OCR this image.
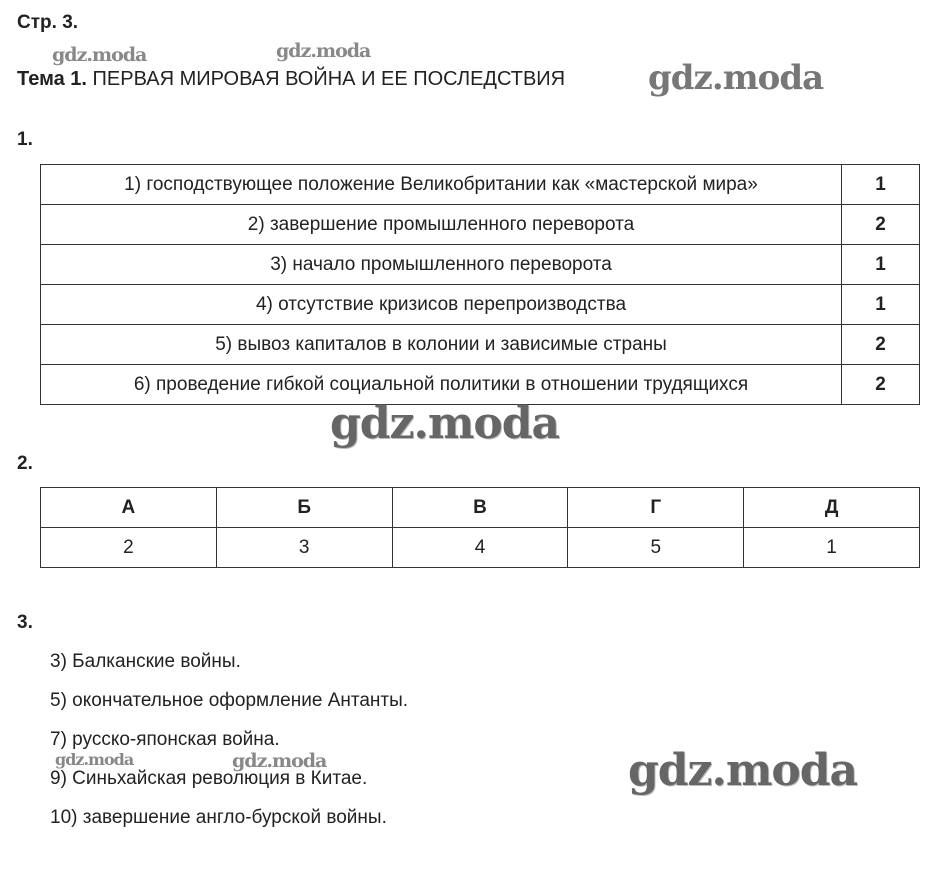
Стр. 3.
Тема 1. ПЕРВАЯ МИРОВАЯ ВОЙНА И ЕЕ ПОСЛЕДСТВИЯ
1.
1) господствующее положение Великобритании как «мастерской мира»	1
2) завершение промышленного переворота	2
3) начало промышленного переворота	1
4) отсутствие кризисов перепроизводства	1
5) вывоз капиталов в колонии и зависимые страны	2
6) проведение гибкой социальной политики в отношении трудящихся	2
2.
А	Б	В	Г	Д
2	3	4	5	1
3.
3) Балканские войны.
5) окончательное оформление Антанты.
7) русско-японская война.
9) Синьхайская революция в Китае.
10) завершение англо-бурской войны.
gdz.moda	gdz.moda
gdz.moda
gdz.moda
gdz.moda	gdz.moda	gdz.moda
